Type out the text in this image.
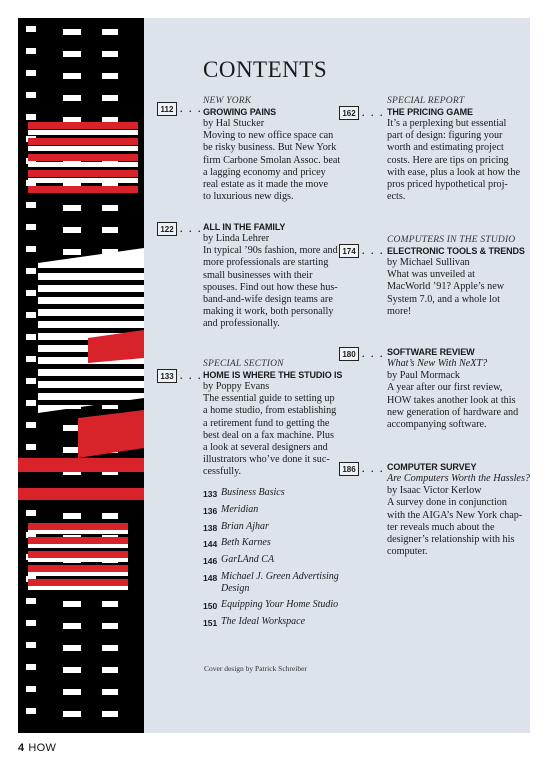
CONTENTS
112 . . .
NEW YORK
GROWING PAINS
by Hal Stucker
Moving to new office space can
be risky business. But New York
firm Carbone Smolan Assoc. beat
a lagging economy and pricey
real estate as it made the move
to luxurious new digs.
122 . . . ALL IN THE FAMILY
by Linda Lehrer
In typical ’90s fashion, more and
more professionals are starting
small businesses with their
spouses. Find out how these hus-
band-and-wife design teams are
making it work, both personally
and professionally.
133 . . .
SPECIAL SECTION
HOME IS WHERE THE STUDIO IS
by Poppy Evans
The essential guide to setting up
a home studio, from establishing
a retirement fund to getting the
best deal on a fax machine. Plus
a look at several designers and
illustrators who’ve done it suc-
cessfully.
162 . . .
SPECIAL REPORT
THE PRICING GAME
It’s a perplexing but essential
part of design: figuring your
worth and estimating project
costs. Here are tips on pricing
with ease, plus a look at how the
pros priced hypothetical proj-
ects.
174 . . .
COMPUTERS IN THE STUDIO
ELECTRONIC TOOLS & TRENDS
by Michael Sullivan
What was unveiled at
MacWorld ’91? Apple’s new
System 7.0, and a whole lot
more!
180 . . . SOFTWARE REVIEW
What’s New With NeXT?
by Paul Mormack
A year after our first review,
HOW takes another look at this
new generation of hardware and
accompanying software.
186 . . . COMPUTER SURVEY
Are Computers Worth the Hassles?
by Isaac Victor Kerlow
A survey done in conjunction
with the AIGA’s New York chap-
ter reveals much about the
designer’s relationship with his
computer.
133 Business Basics
136 Meridian
138 Brian Ajhar
144 Beth Karnes
146 GarLAnd CA
148 Michael J. Green Advertising Design
150 Equipping Your Home Studio
151 The Ideal Workspace
Cover design by Patrick Schreiber
4 HOW
